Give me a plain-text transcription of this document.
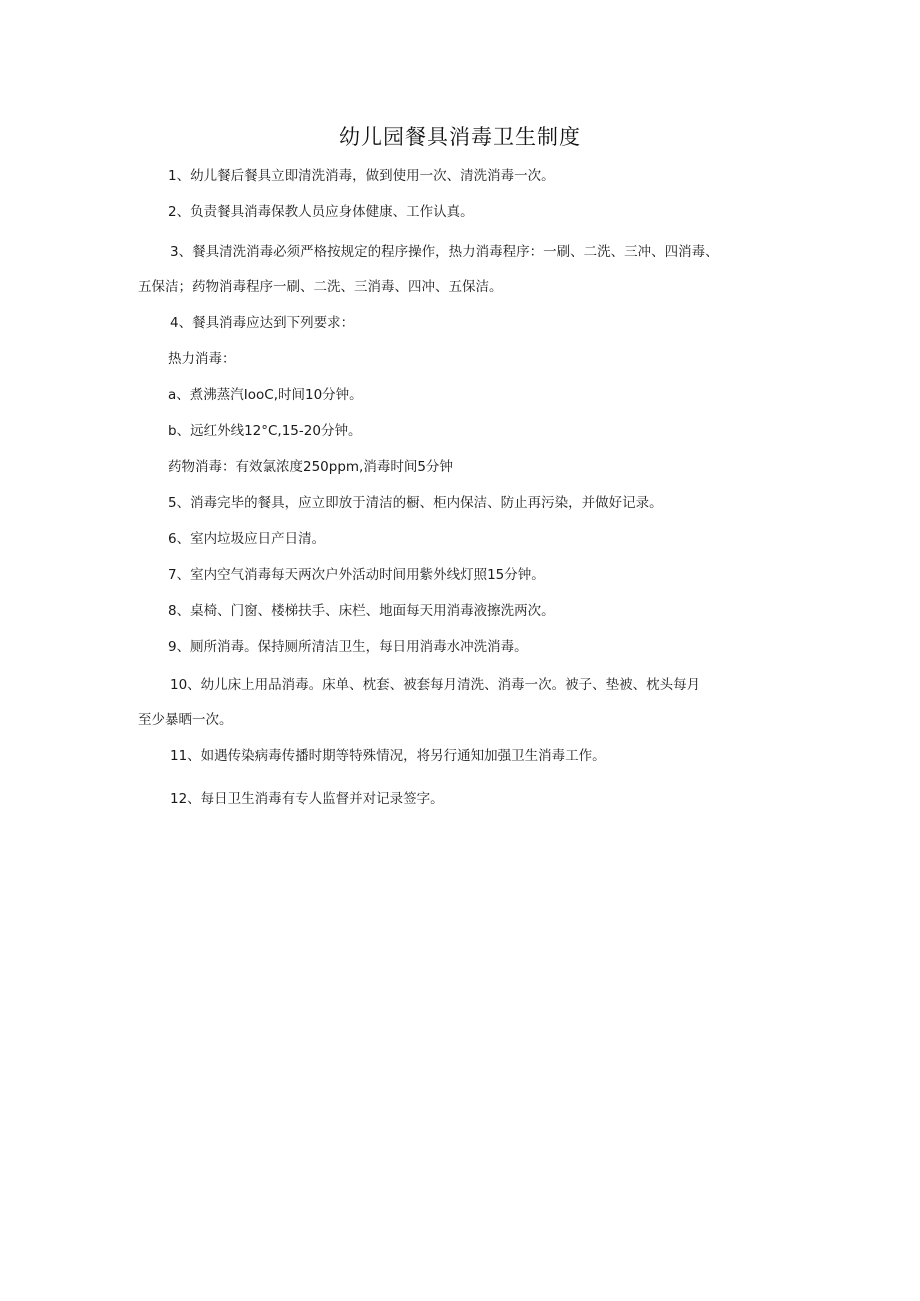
幼儿园餐具消毒卫生制度
1、幼儿餐后餐具立即清洗消毒，做到使用一次、清洗消毒一次。
2、负责餐具消毒保教人员应身体健康、工作认真。
3、餐具清洗消毒必须严格按规定的程序操作，热力消毒程序：一刷、二洗、三冲、四消毒、
五保洁；药物消毒程序一刷、二洗、三消毒、四冲、五保洁。
4、餐具消毒应达到下列要求：
热力消毒：
a、煮沸蒸汽IooC,时间10分钟。
b、远红外线12°C,15-20分钟。
药物消毒：有效氯浓度250ppm,消毒时间5分钟
5、消毒完毕的餐具，应立即放于清洁的橱、柜内保洁、防止再污染，并做好记录。
6、室内垃圾应日产日清。
7、室内空气消毒每天两次户外活动时间用紫外线灯照15分钟。
8、桌椅、门窗、楼梯扶手、床栏、地面每天用消毒液擦洗两次。
9、厕所消毒。保持厕所清洁卫生，每日用消毒水冲洗消毒。
10、幼儿床上用品消毒。床单、枕套、被套每月清洗、消毒一次。被子、垫被、枕头每月
至少暴晒一次。
11、如遇传染病毒传播时期等特殊情况，将另行通知加强卫生消毒工作。
12、每日卫生消毒有专人监督并对记录签字。
